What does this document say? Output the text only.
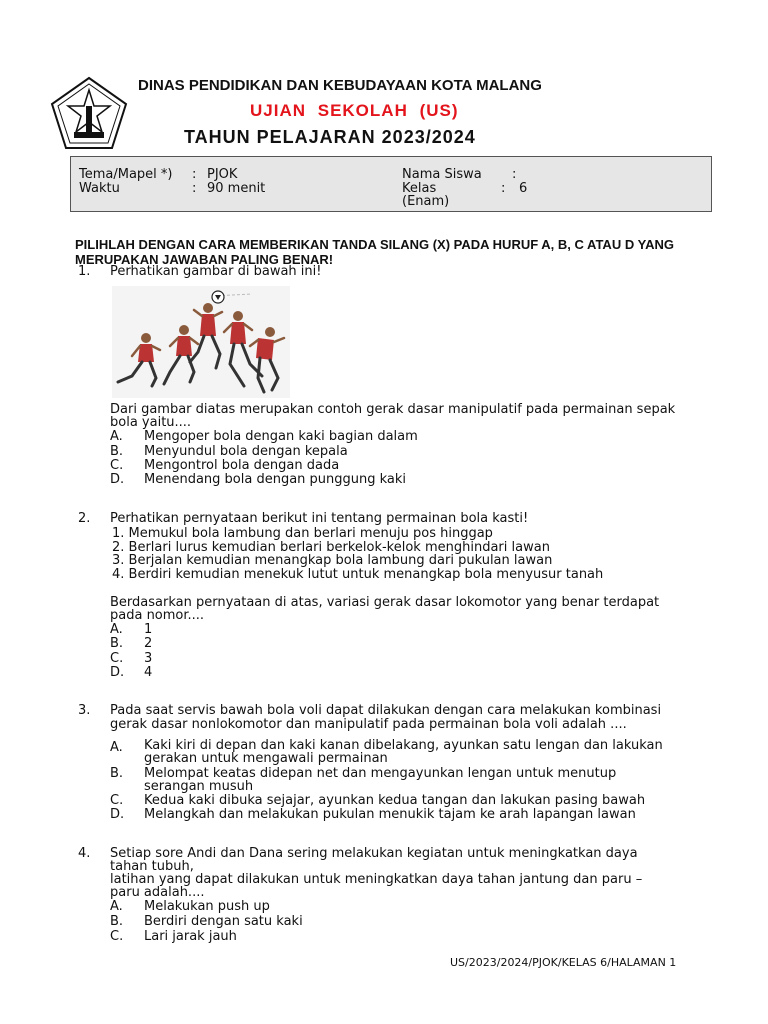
DINAS PENDIDIKAN DAN KEBUDAYAAN KOTA MALANG
UJIAN SEKOLAH (US)
TAHUN PELAJARAN 2023/2024
Tema/Mapel *) : PJOK
Waktu	: 90 menit
Nama Siswa :
Kelas	: 6
(Enam)
PILIHLAH DENGAN CARA MEMBERIKAN TANDA SILANG (X) PADA HURUF A, B, C ATAU D YANG MERUPAKAN JAWABAN PALING BENAR!
1. Perhatikan gambar di bawah ini!
Dari gambar diatas merupakan contoh gerak dasar manipulatif pada permainan sepak
bola yaitu....
A. Mengoper bola dengan kaki bagian dalam
B. Menyundul bola dengan kepala
C. Mengontrol bola dengan dada
D. Menendang bola dengan punggung kaki
2. Perhatikan pernyataan berikut ini tentang permainan bola kasti!
1. Memukul bola lambung dan berlari menuju pos hinggap
2. Berlari lurus kemudian berlari berkelok-kelok menghindari lawan
3. Berjalan kemudian menangkap bola lambung dari pukulan lawan
4. Berdiri kemudian menekuk lutut untuk menangkap bola menyusur tanah
Berdasarkan pernyataan di atas, variasi gerak dasar lokomotor yang benar terdapat
pada nomor....
A. 1
B. 2
C. 3
D. 4
3. Pada saat servis bawah bola voli dapat dilakukan dengan cara melakukan kombinasi
gerak dasar nonlokomotor dan manipulatif pada permainan bola voli adalah ....
A. Kaki kiri di depan dan kaki kanan dibelakang, ayunkan satu lengan dan lakukan
gerakan untuk mengawali permainan
B. Melompat keatas didepan net dan mengayunkan lengan untuk menutup
serangan musuh
C. Kedua kaki dibuka sejajar, ayunkan kedua tangan dan lakukan pasing bawah
D. Melangkah dan melakukan pukulan menukik tajam ke arah lapangan lawan
4. Setiap sore Andi dan Dana sering melakukan kegiatan untuk meningkatkan daya
tahan tubuh,
latihan yang dapat dilakukan untuk meningkatkan daya tahan jantung dan paru –
paru adalah....
A. Melakukan push up
B. Berdiri dengan satu kaki
C. Lari jarak jauh
US/2023/2024/PJOK/KELAS 6/HALAMAN 1
